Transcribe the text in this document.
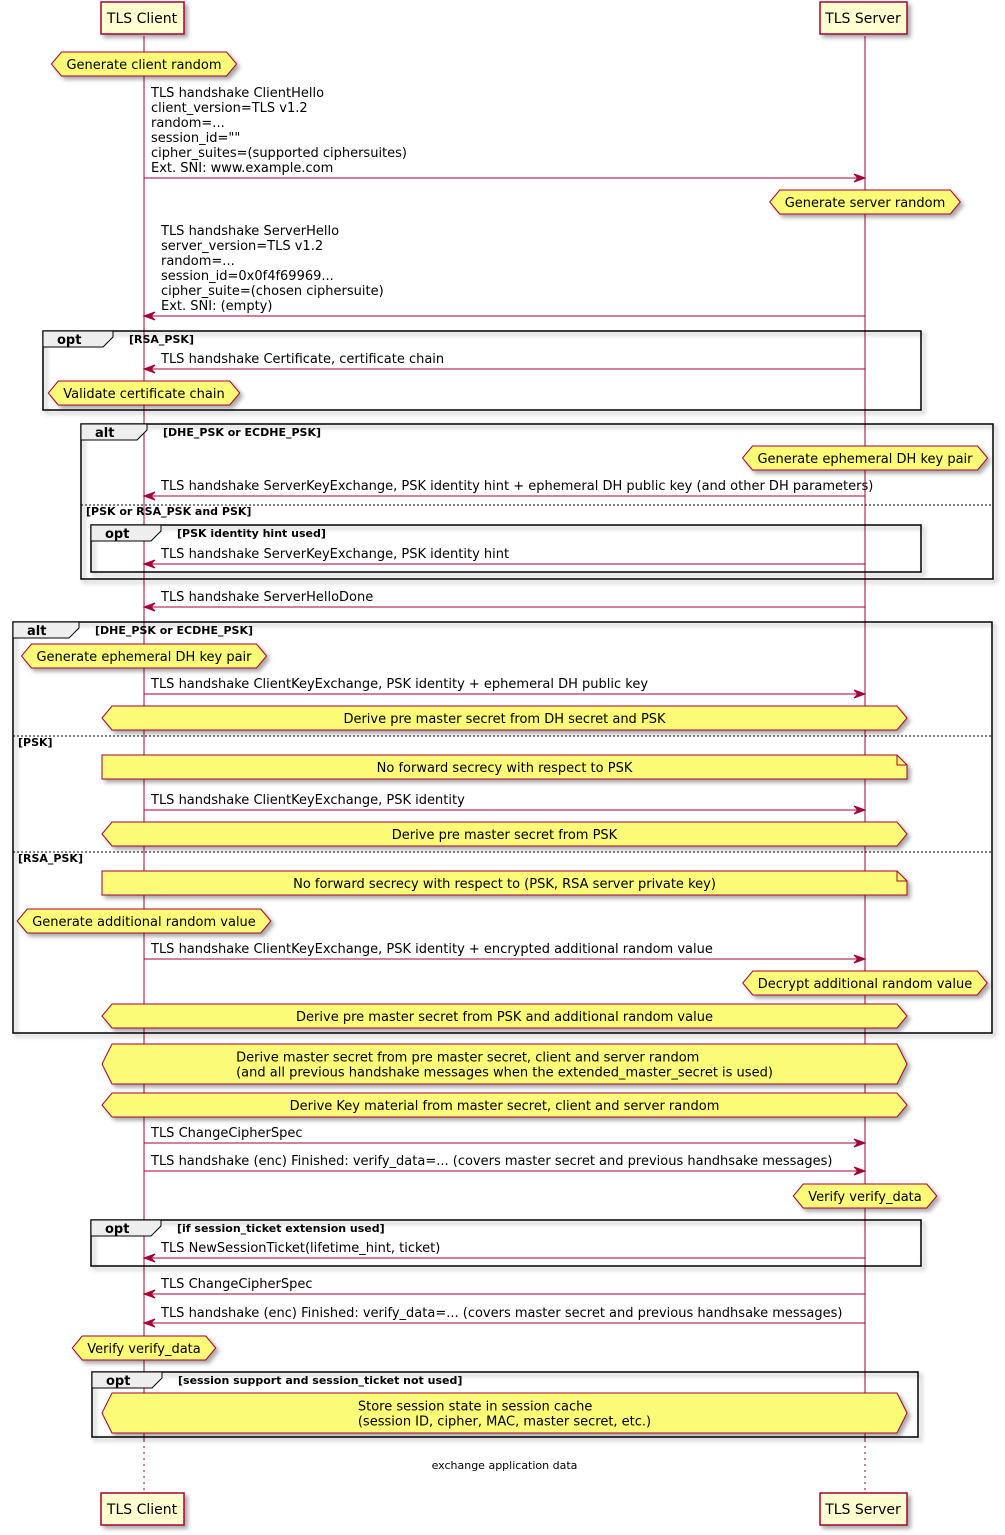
TLS Client	TLS Server
TLS Client	TLS Server
opt	[RSA_PSK]
alt	[DHE_PSK or ECDHE_PSK]
[PSK or RSA_PSK and PSK]
opt	[PSK identity hint used]
alt	[DHE_PSK or ECDHE_PSK]
[PSK]
[RSA_PSK]
opt	[if session_ticket extension used]
opt	[session support and session_ticket not used]
Generate client random
TLS handshake ClientHello
client_version=TLS v1.2
random=...
session_id=""
cipher_suites=(supported ciphersuites)
Ext. SNI: www.example.com
Generate server random
TLS handshake ServerHello
server_version=TLS v1.2
random=...
session_id=0x0f4f69969...
cipher_suite=(chosen ciphersuite)
Ext. SNI: (empty)
TLS handshake Certificate, certificate chain
Validate certificate chain
Generate ephemeral DH key pair
TLS handshake ServerKeyExchange, PSK identity hint + ephemeral DH public key (and other DH parameters)
TLS handshake ServerKeyExchange, PSK identity hint
TLS handshake ServerHelloDone
Generate ephemeral DH key pair
TLS handshake ClientKeyExchange, PSK identity + ephemeral DH public key
Derive pre master secret from DH secret and PSK
No forward secrecy with respect to PSK
TLS handshake ClientKeyExchange, PSK identity
Derive pre master secret from PSK
No forward secrecy with respect to (PSK, RSA server private key)
Generate additional random value
TLS handshake ClientKeyExchange, PSK identity + encrypted additional random value
Decrypt additional random value
Derive pre master secret from PSK and additional random value
Derive master secret from pre master secret, client and server random
(and all previous handshake messages when the extended_master_secret is used)
Derive Key material from master secret, client and server random
TLS ChangeCipherSpec
TLS handshake (enc) Finished: verify_data=... (covers master secret and previous handhsake messages)
Verify verify_data
TLS NewSessionTicket(lifetime_hint, ticket)
TLS ChangeCipherSpec
TLS handshake (enc) Finished: verify_data=... (covers master secret and previous handhsake messages)
Verify verify_data
Store session state in session cache
(session ID, cipher, MAC, master secret, etc.)
exchange application data
